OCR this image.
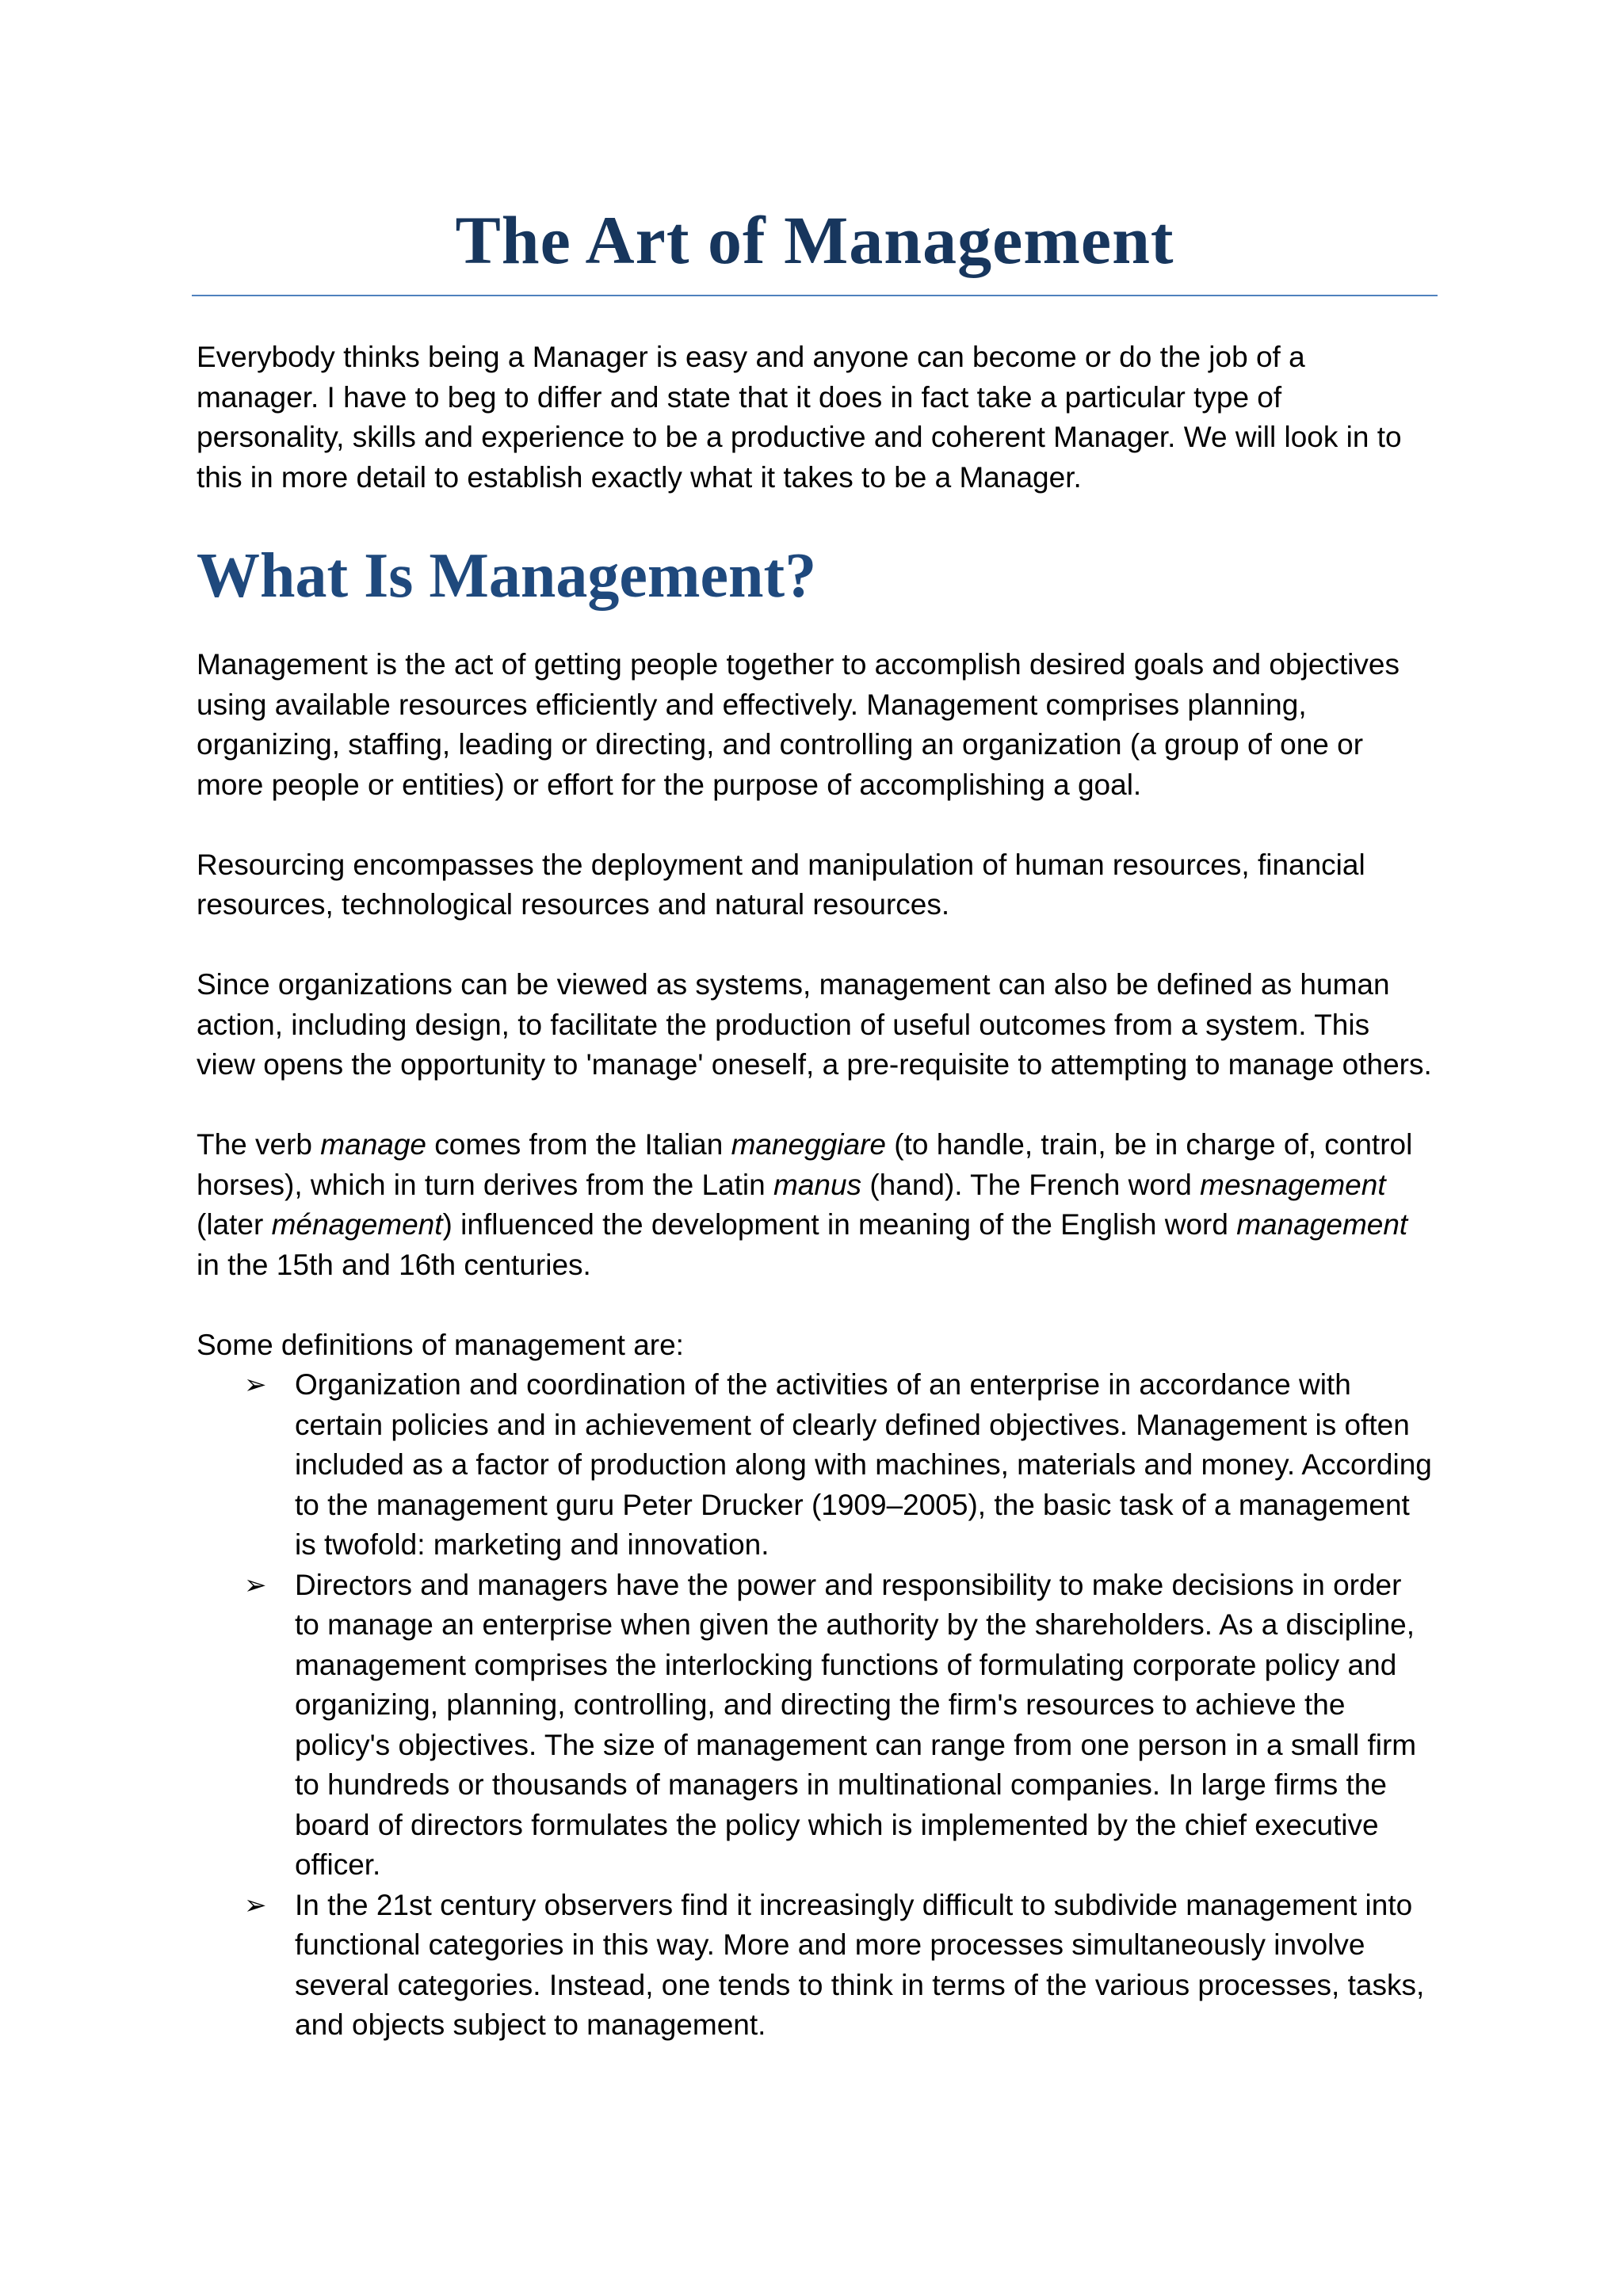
The Art of Management

Everybody thinks being a Manager is easy and anyone can become or do the job of a manager. I have to beg to differ and state that it does in fact take a particular type of personality, skills and experience to be a productive and coherent Manager. We will look in to this in more detail to establish exactly what it takes to be a Manager.

What Is Management?

Management is the act of getting people together to accomplish desired goals and objectives using available resources efficiently and effectively. Management comprises planning, organizing, staffing, leading or directing, and controlling an organization (a group of one or more people or entities) or effort for the purpose of accomplishing a goal.

Resourcing encompasses the deployment and manipulation of human resources, financial resources, technological resources and natural resources.

Since organizations can be viewed as systems, management can also be defined as human action, including design, to facilitate the production of useful outcomes from a system. This view opens the opportunity to 'manage' oneself, a pre-requisite to attempting to manage others.

The verb manage comes from the Italian maneggiare (to handle, train, be in charge of, control horses), which in turn derives from the Latin manus (hand). The French word mesnagement (later ménagement) influenced the development in meaning of the English word management in the 15th and 16th centuries.

Some definitions of management are:

➢ Organization and coordination of the activities of an enterprise in accordance with certain policies and in achievement of clearly defined objectives. Management is often included as a factor of production along with machines, materials and money. According to the management guru Peter Drucker (1909–2005), the basic task of a management is twofold: marketing and innovation.
➢ Directors and managers have the power and responsibility to make decisions in order to manage an enterprise when given the authority by the shareholders. As a discipline, management comprises the interlocking functions of formulating corporate policy and organizing, planning, controlling, and directing the firm's resources to achieve the policy's objectives. The size of management can range from one person in a small firm to hundreds or thousands of managers in multinational companies. In large firms the board of directors formulates the policy which is implemented by the chief executive officer.
➢ In the 21st century observers find it increasingly difficult to subdivide management into functional categories in this way. More and more processes simultaneously involve several categories. Instead, one tends to think in terms of the various processes, tasks, and objects subject to management.
